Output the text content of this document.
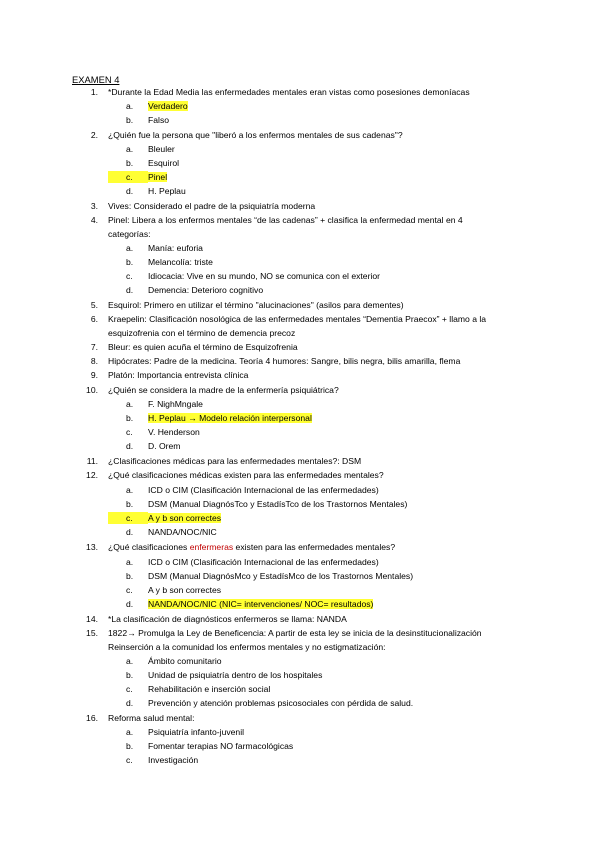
EXAMEN 4
1. *Durante la Edad Media las enfermedades mentales eran vistas como posesiones demoníacas
a. Verdadero
b. Falso
2. ¿Quién fue la persona que "liberó a los enfermos mentales de sus cadenas"?
a. Bleuler
b. Esquirol
c. Pinel
d. H. Peplau
3. Vives: Considerado el padre de la psiquiatría moderna
4. Pinel: Libera a los enfermos mentales “de las cadenas” + clasifica la enfermedad mental en 4
categorías:
a. Manía: euforia
b. Melancolía: triste
c. Idiocacia: Vive en su mundo, NO se comunica con el exterior
d. Demencia: Deterioro cognitivo
5. Esquirol: Primero en utilizar el término "alucinaciones" (asilos para dementes)
6. Kraepelin: Clasificación nosológica de las enfermedades mentales “Dementia Praecox” + llamo a la
esquizofrenia con el término de demencia precoz
7. Bleur: es quien acuña el término de Esquizofrenia
8. Hipócrates: Padre de la medicina. Teoría 4 humores: Sangre, bilis negra, bilis amarilla, flema
9. Platón: Importancia entrevista clínica
10. ¿Quién se considera la madre de la enfermería psiquiátrica?
a. F. NighMngale
b. H. Peplau → Modelo relación interpersonal
c. V. Henderson
d. D. Orem
11. ¿Clasificaciones médicas para las enfermedades mentales?: DSM
12. ¿Qué clasificaciones médicas existen para las enfermedades mentales?
a. ICD o CIM (Clasificación Internacional de las enfermedades)
b. DSM (Manual DiagnósTco y EstadísTco de los Trastornos Mentales)
c. A y b son correctes
d. NANDA/NOC/NIC
13. ¿Qué clasificaciones enfermeras existen para las enfermedades mentales?
a. ICD o CIM (Clasificación Internacional de las enfermedades)
b. DSM (Manual DiagnósMco y EstadísMco de los Trastornos Mentales)
c. A y b son correctes
d. NANDA/NOC/NIC (NIC= intervenciones/ NOC= resultados)
14. *La clasificación de diagnósticos enfermeros se llama: NANDA
15. 1822→ Promulga la Ley de Beneficencia: A partir de esta ley se inicia de la desinstitucionalización
Reinserción a la comunidad los enfermos mentales y no estigmatización:
a. Ámbito comunitario
b. Unidad de psiquiatría dentro de los hospitales
c. Rehabilitación e inserción social
d. Prevención y atención problemas psicosociales con pérdida de salud.
16. Reforma salud mental:
a. Psiquiatría infanto-juvenil
b. Fomentar terapias NO farmacológicas
c. Investigación
